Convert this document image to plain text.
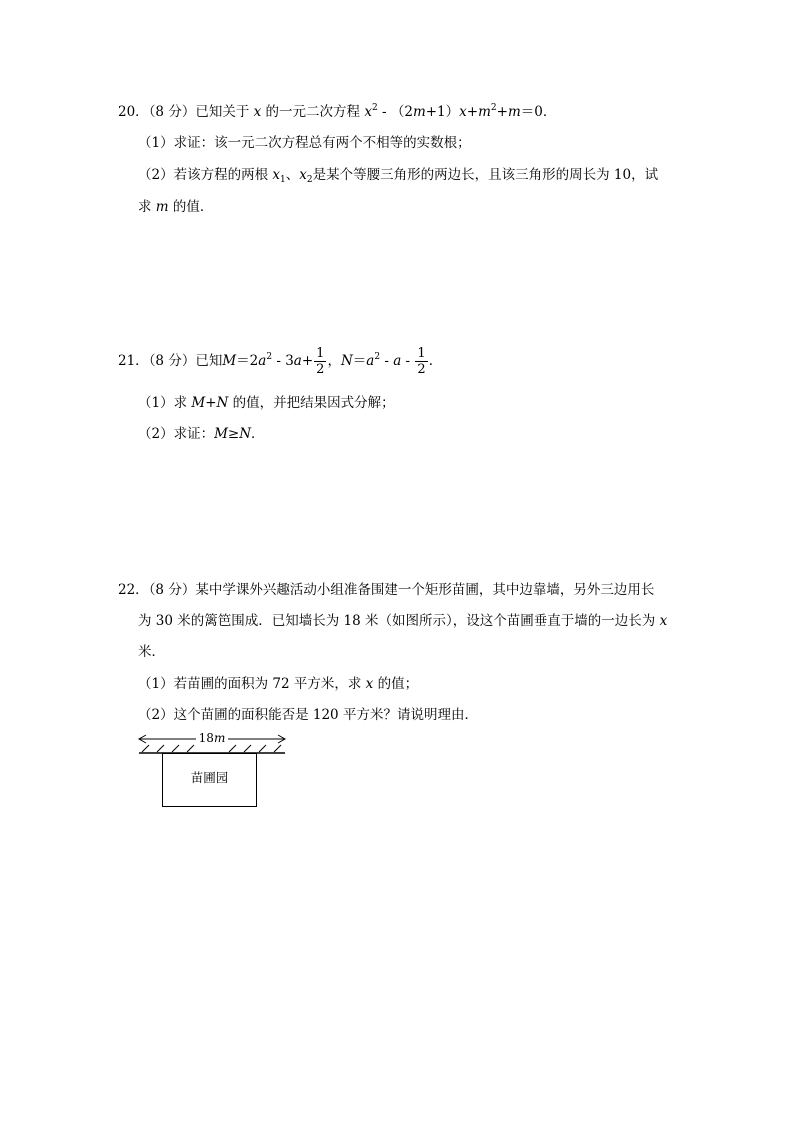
20．（8 分）已知关于 x 的一元二次方程 $x^2 - (2m+1)x+m^2+m=0$．
（1）求证：该一元二次方程总有两个不相等的实数根；
（2）若该方程的两根 $x_1$、$x_2$是某个等腰三角形的两边长，且该三角形的周长为 10，试
求 m 的值．
21．（8 分）已知$M=2a^2 - 3a+ \frac{1}{2}$ ，$N=a^2 - a - \frac{1}{2}$ ．
（1）求 M+N 的值，并把结果因式分解；
（2）求证：M≥N．
22．（8 分）某中学课外兴趣活动小组准备围建一个矩形苗圃，其中边靠墙，另外三边用长
为 30 米的篱笆围成．已知墙长为 18 米（如图所示），设这个苗圃垂直于墙的一边长为 x
米．
（1）若苗圃的面积为 72 平方米，求 x 的值；
（2）这个苗圃的面积能否是 120 平方米？请说明理由．
18m
苗圃园
